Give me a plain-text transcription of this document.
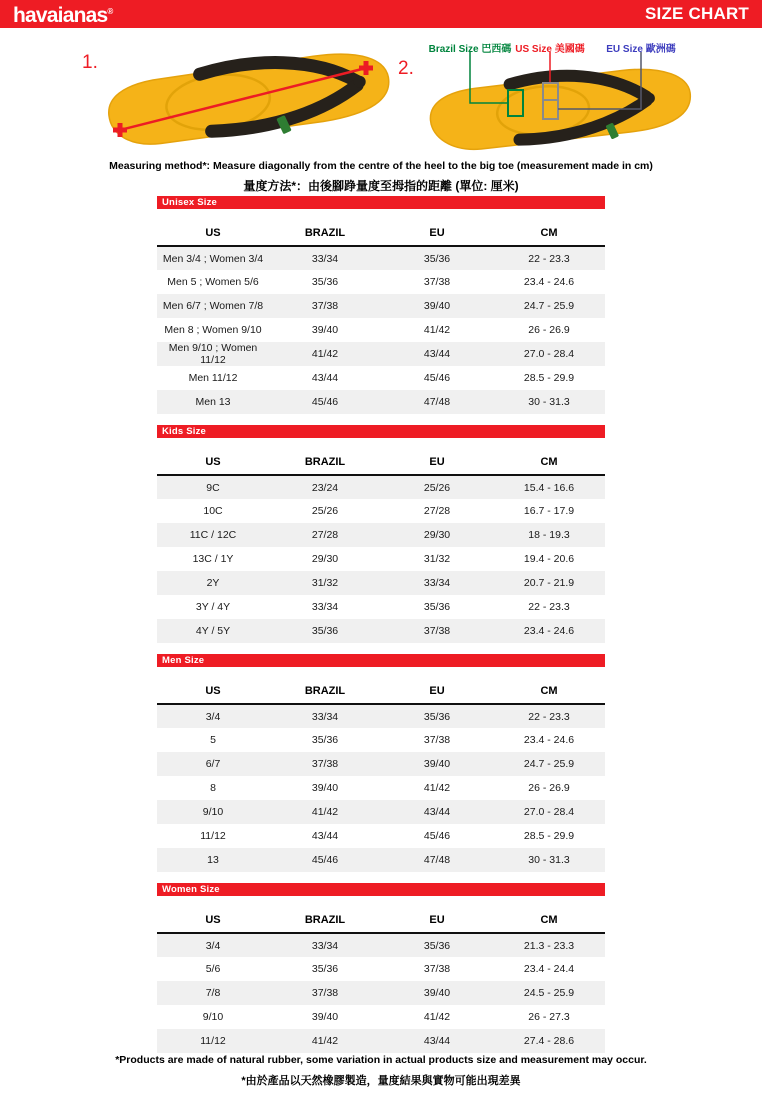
havaianas®	SIZE CHART
1.	2.
Brazil Size 巴西碼 US Size 美國碼 EU Size 歐洲碼
Measuring method*: Measure diagonally from the centre of the heel to the big toe (measurement made in cm)
量度方法*：由後腳踭量度至拇指的距離 (單位: 厘米)
Unisex Size
US	BRAZIL	EU	CM
Men 3/4 ; Women 3/4	33/34	35/36	22 - 23.3
Men 5 ; Women 5/6	35/36	37/38	23.4 - 24.6
Men 6/7 ; Women 7/8	37/38	39/40	24.7 - 25.9
Men 8 ; Women 9/10	39/40	41/42	26 - 26.9
Men 9/10 ; Women 11/12	41/42	43/44	27.0 - 28.4
Men 11/12	43/44	45/46	28.5 - 29.9
Men 13	45/46	47/48	30 - 31.3
Kids Size
US	BRAZIL	EU	CM
9C	23/24	25/26	15.4 - 16.6
10C	25/26	27/28	16.7 - 17.9
11C / 12C	27/28	29/30	18 - 19.3
13C / 1Y	29/30	31/32	19.4 - 20.6
2Y	31/32	33/34	20.7 - 21.9
3Y / 4Y	33/34	35/36	22 - 23.3
4Y / 5Y	35/36	37/38	23.4 - 24.6
Men Size
US	BRAZIL	EU	CM
3/4	33/34	35/36	22 - 23.3
5	35/36	37/38	23.4 - 24.6
6/7	37/38	39/40	24.7 - 25.9
8	39/40	41/42	26 - 26.9
9/10	41/42	43/44	27.0 - 28.4
11/12	43/44	45/46	28.5 - 29.9
13	45/46	47/48	30 - 31.3
Women Size
US	BRAZIL	EU	CM
3/4	33/34	35/36	21.3 - 23.3
5/6	35/36	37/38	23.4 - 24.4
7/8	37/38	39/40	24.5 - 25.9
9/10	39/40	41/42	26 - 27.3
11/12	41/42	43/44	27.4 - 28.6
*Products are made of natural rubber, some variation in actual products size and measurement may occur.
*由於產品以天然橡膠製造，量度結果與實物可能出現差異
